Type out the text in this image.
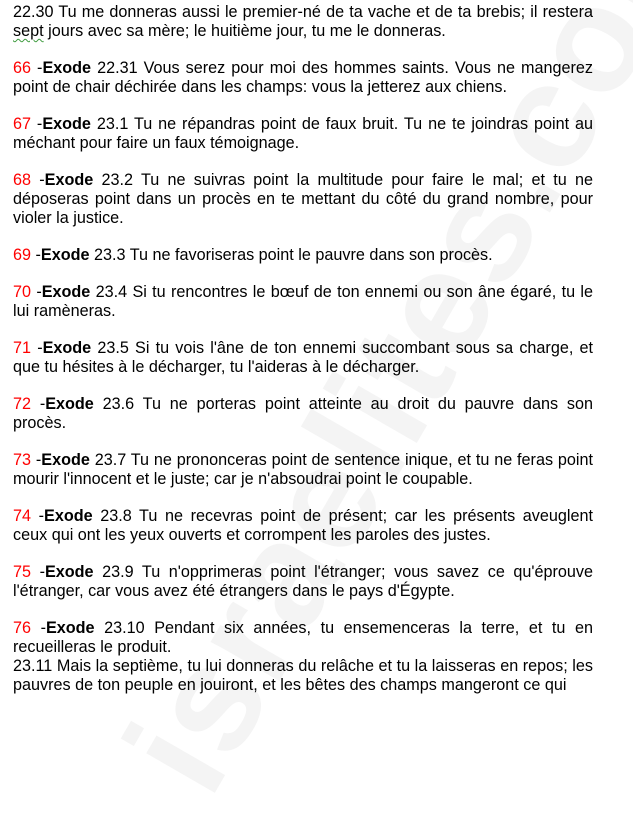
22.30 Tu me donneras aussi le premier-né de ta vache et de ta brebis; il restera sept jours avec sa mère; le huitième jour, tu me le donneras.

66 -Exode 22.31 Vous serez pour moi des hommes saints. Vous ne mangerez point de chair déchirée dans les champs: vous la jetterez aux chiens.

67 -Exode 23.1 Tu ne répandras point de faux bruit. Tu ne te joindras point au méchant pour faire un faux témoignage.

68 -Exode 23.2 Tu ne suivras point la multitude pour faire le mal; et tu ne déposeras point dans un procès en te mettant du côté du grand nombre, pour violer la justice.

69 -Exode 23.3 Tu ne favoriseras point le pauvre dans son procès.

70 -Exode 23.4 Si tu rencontres le bœuf de ton ennemi ou son âne égaré, tu le lui ramèneras.

71 -Exode 23.5 Si tu vois l'âne de ton ennemi succombant sous sa charge, et que tu hésites à le décharger, tu l'aideras à le décharger.

72 -Exode 23.6 Tu ne porteras point atteinte au droit du pauvre dans son procès.

73 -Exode 23.7 Tu ne prononceras point de sentence inique, et tu ne feras point mourir l'innocent et le juste; car je n'absoudrai point le coupable.

74 -Exode 23.8 Tu ne recevras point de présent; car les présents aveuglent ceux qui ont les yeux ouverts et corrompent les paroles des justes.

75 -Exode 23.9 Tu n'opprimeras point l'étranger; vous savez ce qu'éprouve l'étranger, car vous avez été étrangers dans le pays d'Égypte.

76 -Exode 23.10 Pendant six années, tu ensemenceras la terre, et tu en recueilleras le produit.

23.11 Mais la septième, tu lui donneras du relâche et tu la laisseras en repos; les pauvres de ton peuple en jouiront, et les bêtes des champs mangeront ce qui
